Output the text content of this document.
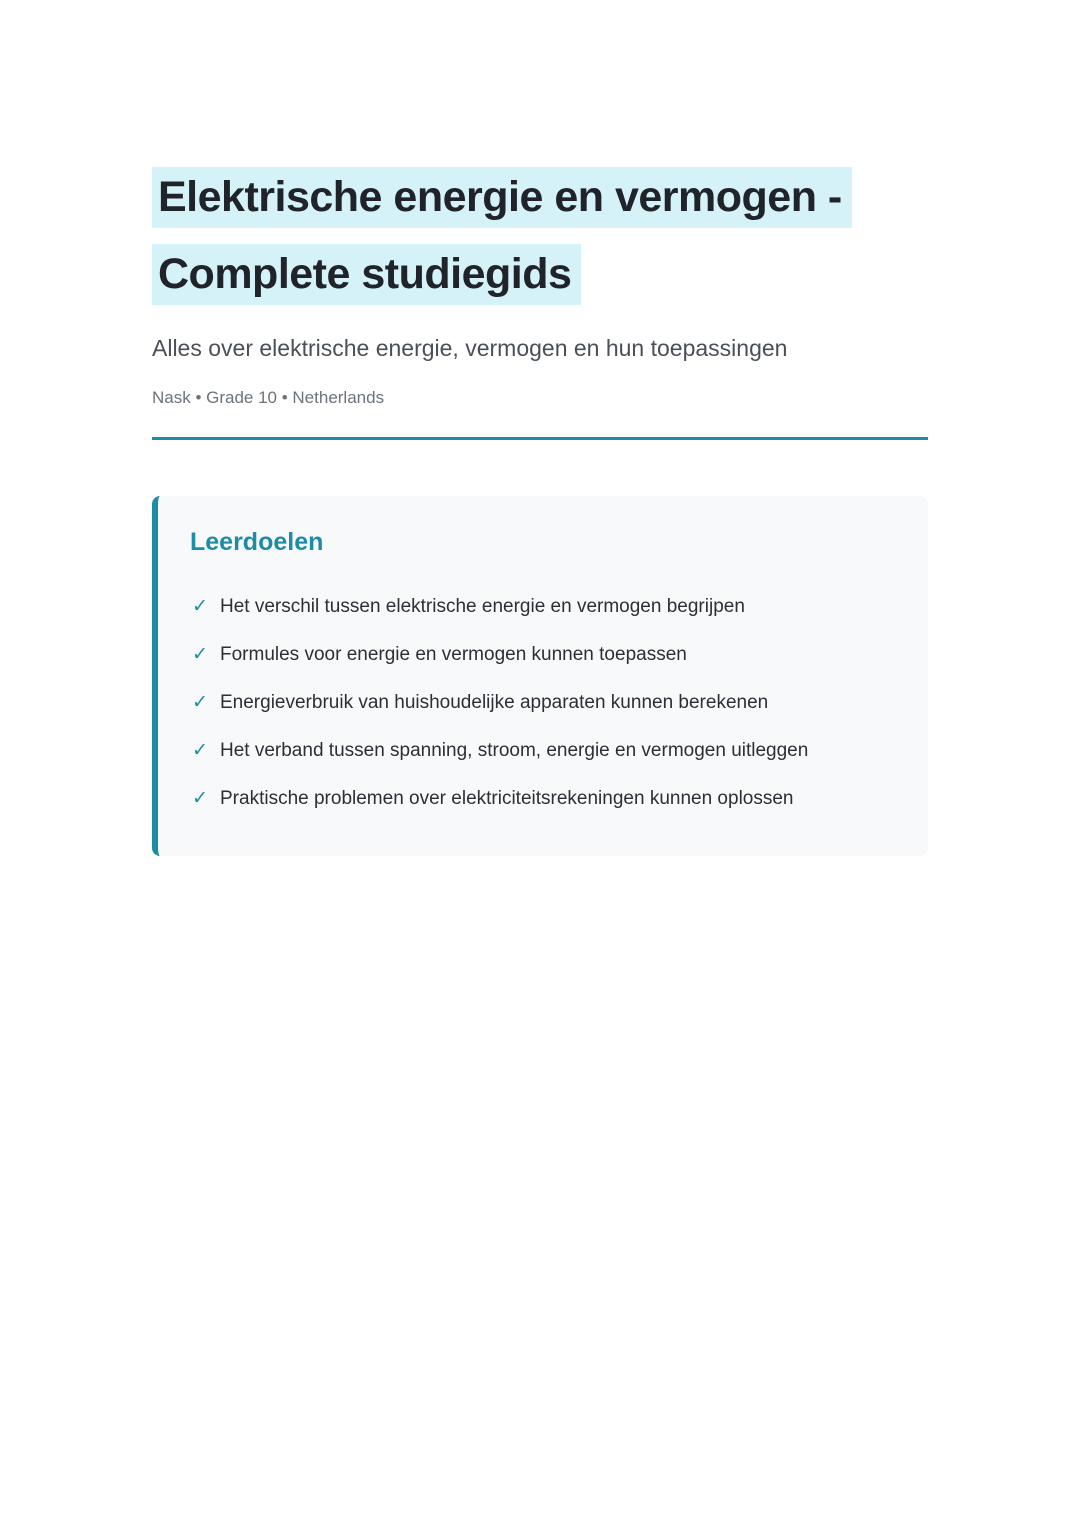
Elektrische energie en vermogen - Complete studiegids

Alles over elektrische energie, vermogen en hun toepassingen

Nask • Grade 10 • Netherlands

Leerdoelen
✓ Het verschil tussen elektrische energie en vermogen begrijpen
✓ Formules voor energie en vermogen kunnen toepassen
✓ Energieverbruik van huishoudelijke apparaten kunnen berekenen
✓ Het verband tussen spanning, stroom, energie en vermogen uitleggen
✓ Praktische problemen over elektriciteitsrekeningen kunnen oplossen
